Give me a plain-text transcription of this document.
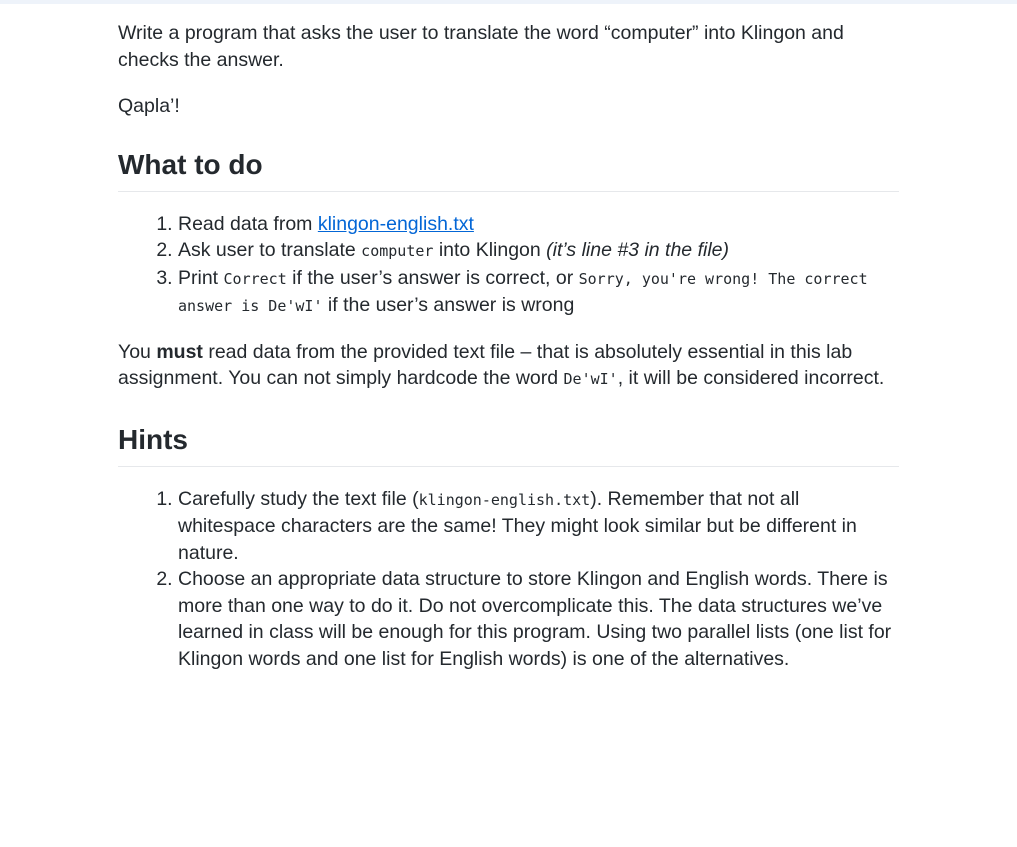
Write a program that asks the user to translate the word “computer” into Klingon and checks the answer.

Qapla’!

What to do
1. Read data from klingon-english.txt
2. Ask user to translate computer into Klingon (it’s line #3 in the file)
3. Print Correct if the user’s answer is correct, or Sorry, you're wrong! The correct answer is De'wI' if the user’s answer is wrong

You must read data from the provided text file – that is absolutely essential in this lab assignment. You can not simply hardcode the word De'wI', it will be considered incorrect.

Hints
1. Carefully study the text file (klingon-english.txt). Remember that not all whitespace characters are the same! They might look similar but be different in nature.
2. Choose an appropriate data structure to store Klingon and English words. There is more than one way to do it. Do not overcomplicate this. The data structures we’ve learned in class will be enough for this program. Using two parallel lists (one list for Klingon words and one list for English words) is one of the alternatives.
